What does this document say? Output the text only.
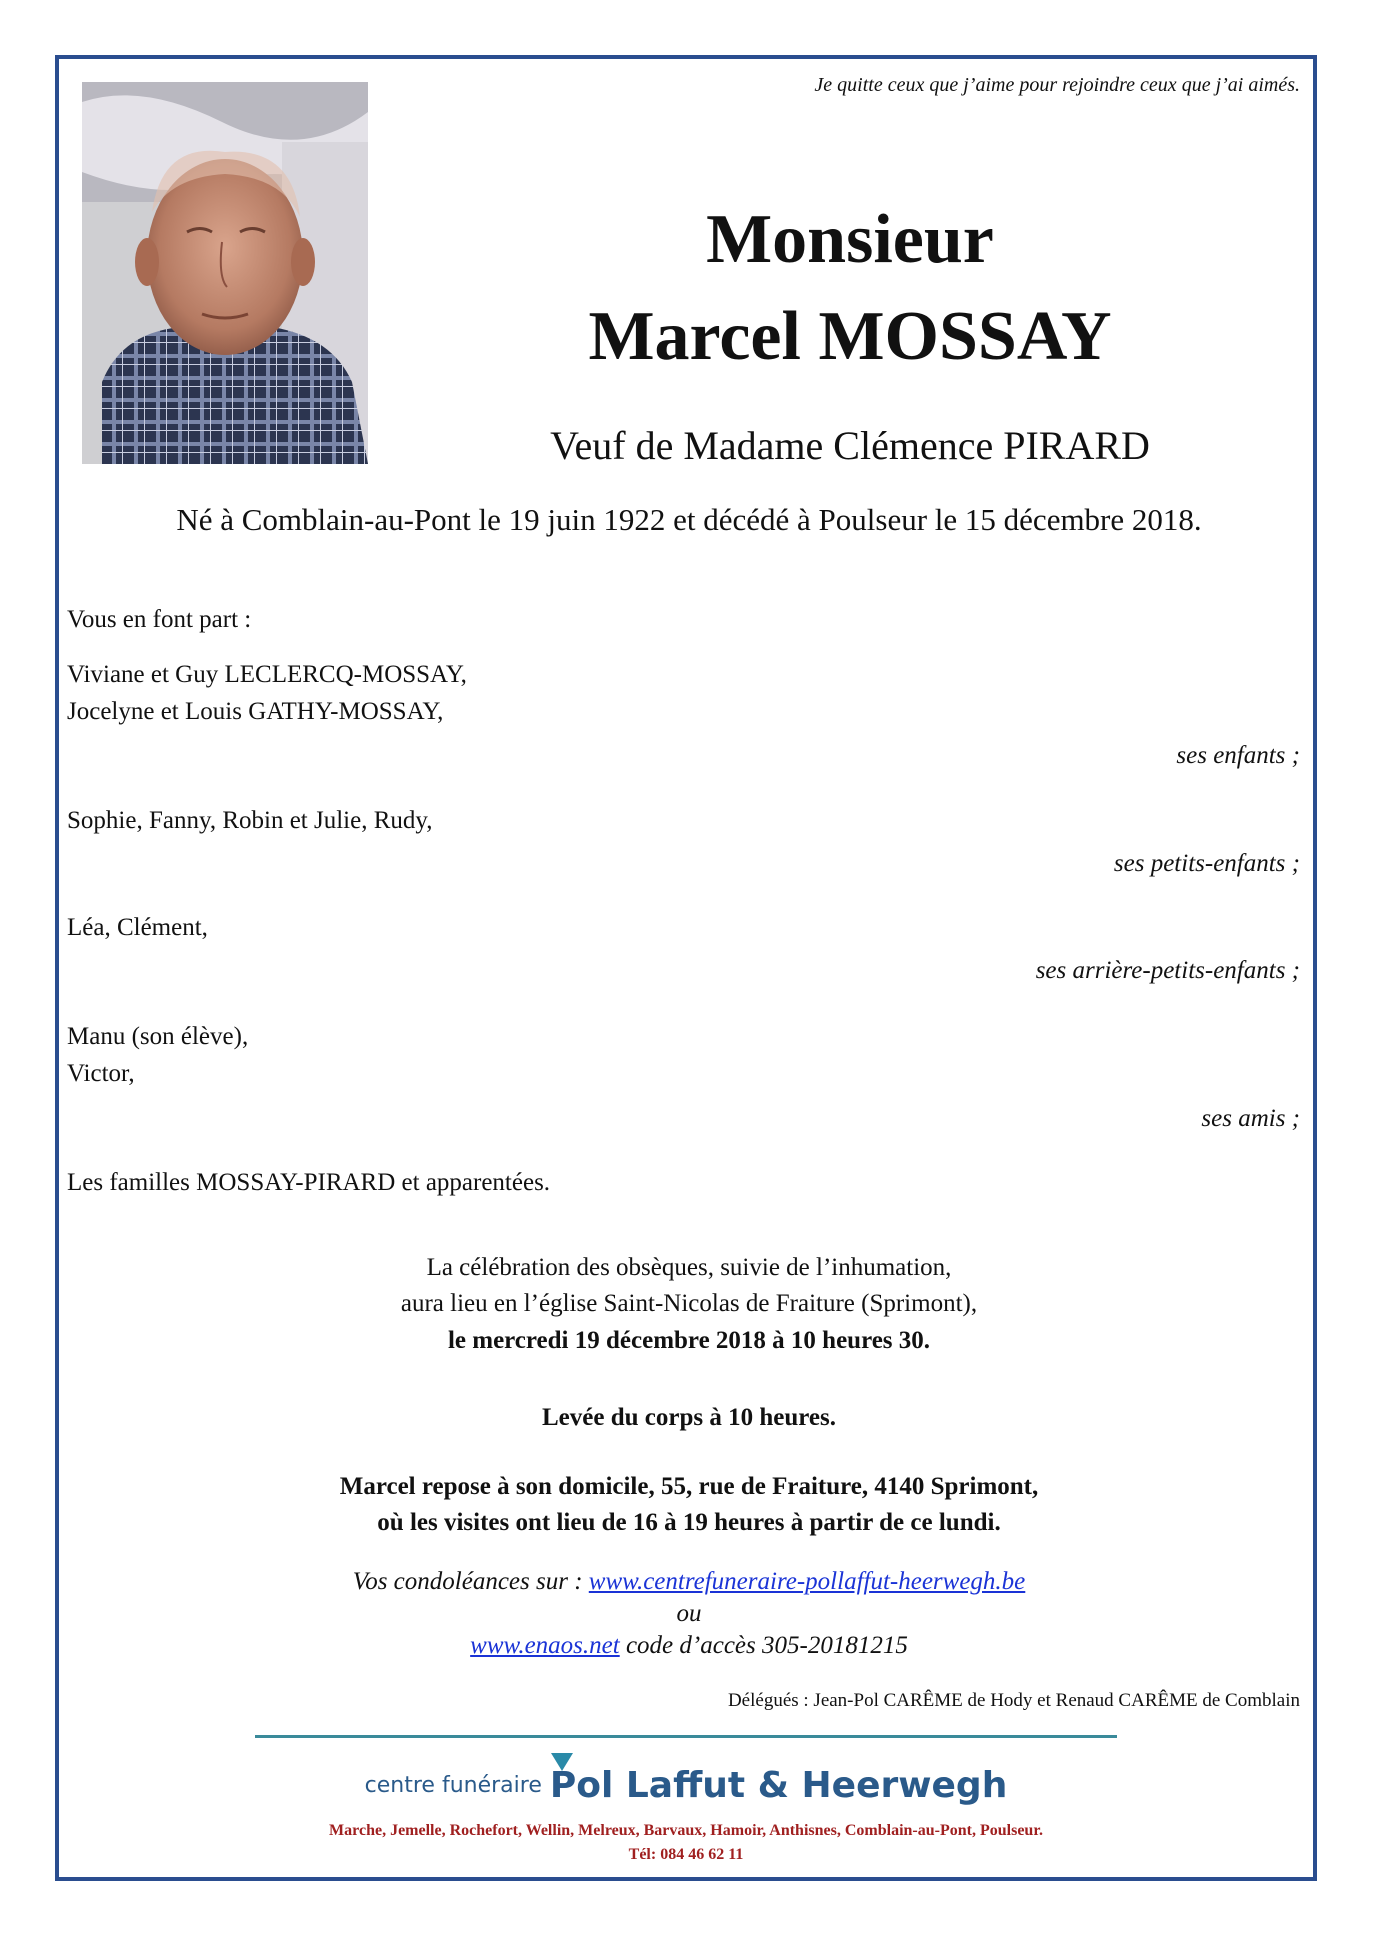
Je quitte ceux que j’aime pour rejoindre ceux que j’ai aimés.
Monsieur
Marcel MOSSAY
Veuf de Madame Clémence PIRARD
Né à Comblain-au-Pont le 19 juin 1922 et décédé à Poulseur le 15 décembre 2018.
Vous en font part :
Viviane et Guy LECLERCQ-MOSSAY,
Jocelyne et Louis GATHY-MOSSAY,
ses enfants ;
Sophie, Fanny, Robin et Julie, Rudy,
ses petits-enfants ;
Léa, Clément,
ses arrière-petits-enfants ;
Manu (son élève),
Victor,
ses amis ;
Les familles MOSSAY-PIRARD et apparentées.
La célébration des obsèques, suivie de l’inhumation,
aura lieu en l’église Saint-Nicolas de Fraiture (Sprimont),
le mercredi 19 décembre 2018 à 10 heures 30.
Levée du corps à 10 heures.
Marcel repose à son domicile, 55, rue de Fraiture, 4140 Sprimont,
où les visites ont lieu de 16 à 19 heures à partir de ce lundi.
Vos condoléances sur : www.centrefuneraire-pollaffut-heerwegh.be
ou
www.enaos.net code d’accès 305-20181215
Délégués : Jean-Pol CARÊME de Hody et Renaud CARÊME de Comblain
centre funéraire Pol Laffut & Heerwegh
Marche, Jemelle, Rochefort, Wellin, Melreux, Barvaux, Hamoir, Anthisnes, Comblain-au-Pont, Poulseur.
Tél: 084 46 62 11
